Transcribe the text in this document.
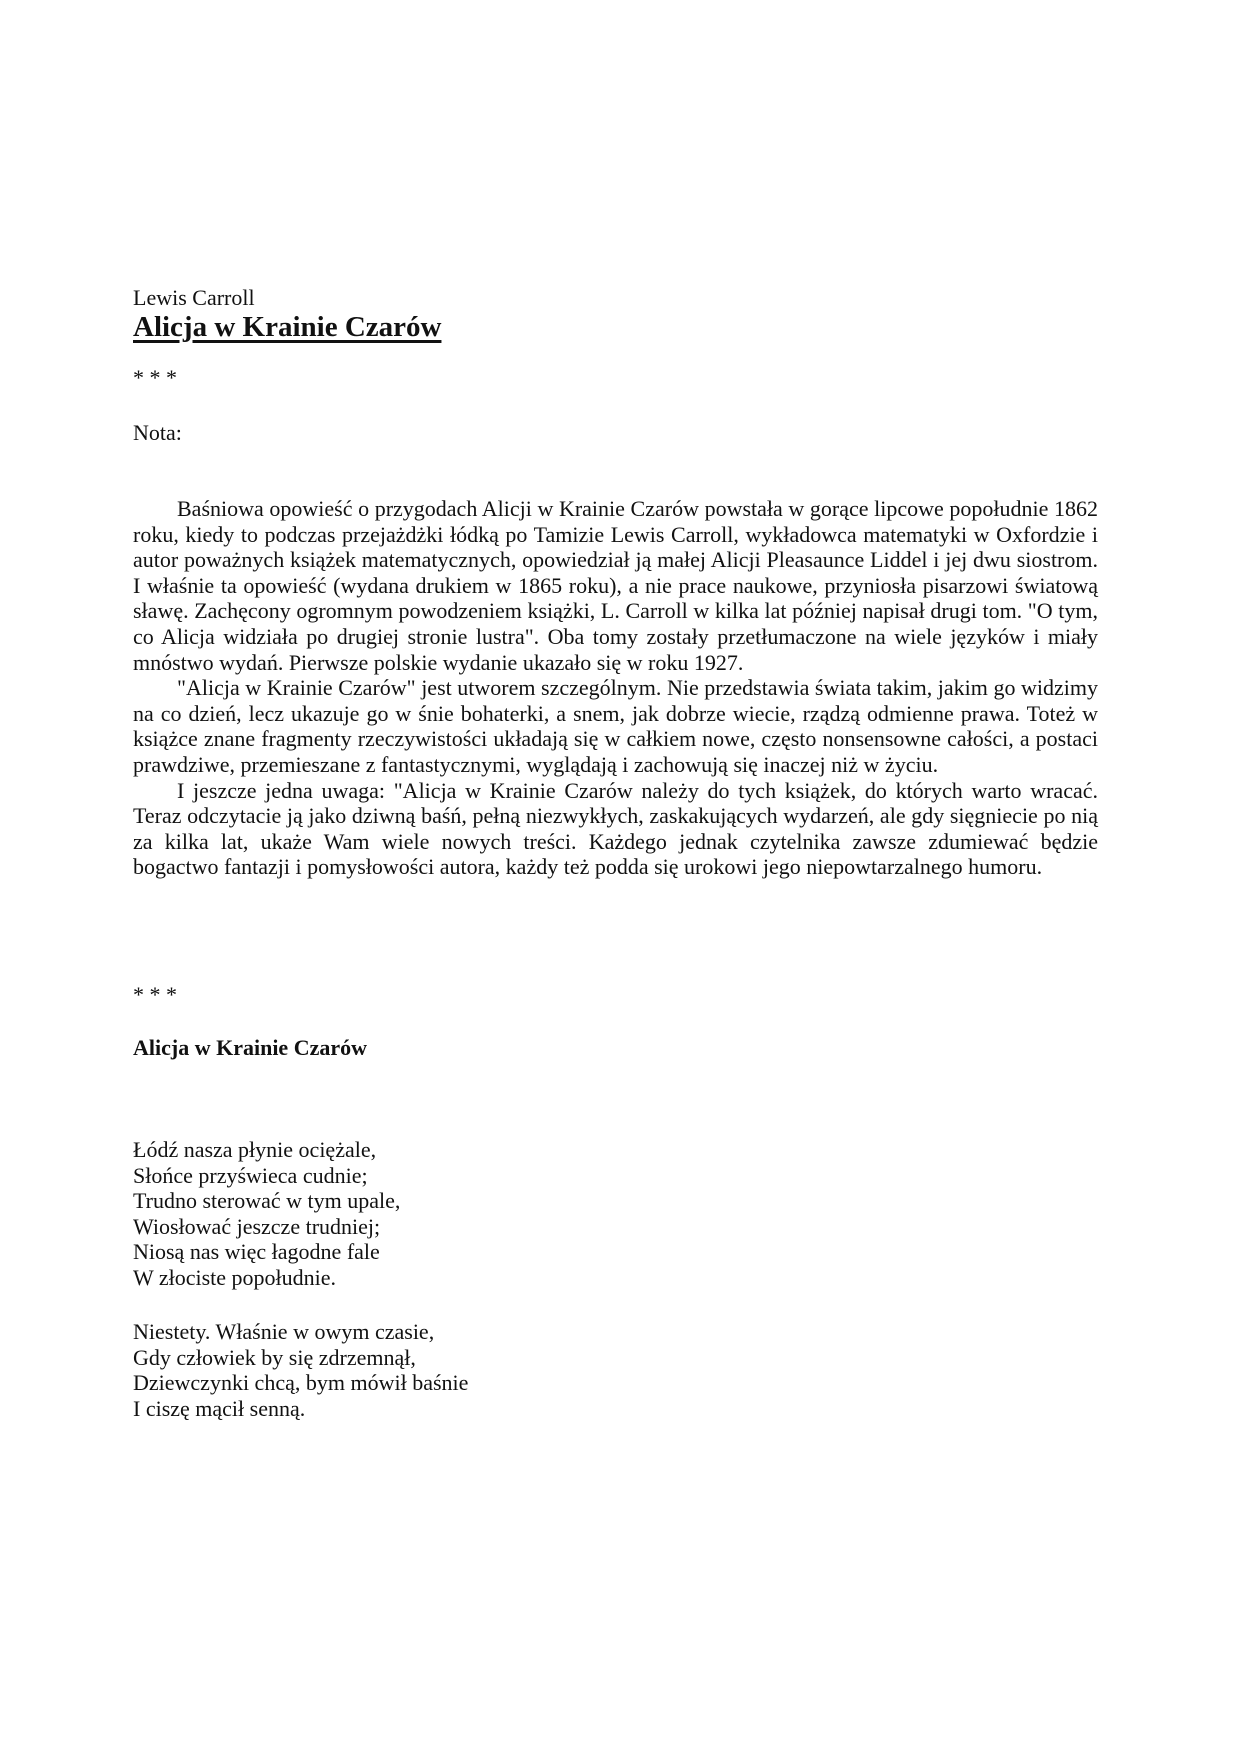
Lewis Carroll
Alicja w Krainie Czarów
* * *
Nota:

Baśniowa opowieść o przygodach Alicji w Krainie Czarów powstała w gorące lipcowe popołudnie 1862 roku, kiedy to podczas przejażdżki łódką po Tamizie Lewis Carroll, wykładowca matematyki w Oxfordzie i autor poważnych książek matematycznych, opowiedział ją małej Alicji Pleasaunce Liddel i jej dwu siostrom. I właśnie ta opowieść (wydana drukiem w 1865 roku), a nie prace naukowe, przyniosła pisarzowi światową sławę. Zachęcony ogromnym powodzeniem książki, L. Carroll w kilka lat później napisał drugi tom. "O tym, co Alicja widziała po drugiej stronie lustra". Oba tomy zostały przetłumaczone na wiele języków i miały mnóstwo wydań. Pierwsze polskie wydanie ukazało się w roku 1927.

"Alicja w Krainie Czarów" jest utworem szczególnym. Nie przedstawia świata takim, jakim go widzimy na co dzień, lecz ukazuje go w śnie bohaterki, a snem, jak dobrze wiecie, rządzą odmienne prawa. Toteż w książce znane fragmenty rzeczywistości układają się w całkiem nowe, często nonsensowne całości, a postaci prawdziwe, przemieszane z fantastycznymi, wyglądają i zachowują się inaczej niż w życiu.

I jeszcze jedna uwaga: "Alicja w Krainie Czarów należy do tych książek, do których warto wracać. Teraz odczytacie ją jako dziwną baśń, pełną niezwykłych, zaskakujących wydarzeń, ale gdy sięgniecie po nią za kilka lat, ukaże Wam wiele nowych treści. Każdego jednak czytelnika zawsze zdumiewać będzie bogactwo fantazji i pomysłowości autora, każdy też podda się urokowi jego niepowtarzalnego humoru.

* * *
Alicja w Krainie Czarów
Łódź nasza płynie ociężale,
Słońce przyświeca cudnie;
Trudno sterować w tym upale,
Wiosłować jeszcze trudniej;
Niosą nas więc łagodne fale
W złociste popołudnie.
Niestety. Właśnie w owym czasie,
Gdy człowiek by się zdrzemnął,
Dziewczynki chcą, bym mówił baśnie
I ciszę mącił senną.
